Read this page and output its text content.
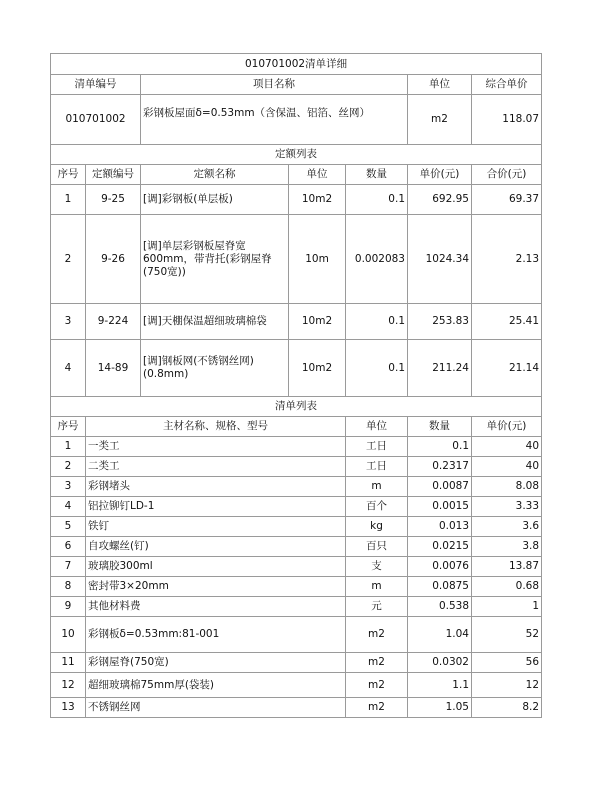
010701002清单详细							
清单编号		项目名称			单位	综合单价	
010701002		彩钢板屋面δ=0.53mm（含保温、铝箔、丝网）			m2	118.07	
定额列表							
序号	定额编号	定额名称	单位	数量	单价(元)	合价(元)	
1	9-25	[调]彩钢板(单层板)	10m2	0.1	692.95	69.37	
2	9-26	[调]单层彩钢板屋脊宽600mm，带背托(彩钢屋脊(750宽))	10m	0.002083	1024.34	2.13	
3	9-224	[调]天棚保温超细玻璃棉袋	10m2	0.1	253.83	25.41	
4	14-89	[调]钢板网(不锈钢丝网)(0.8mm)	10m2	0.1	211.24	21.14	
清单列表							
序号	主材名称、规格、型号			单位	数量	单价(元)	
1	一类工			工日	0.1	40	
2	二类工			工日	0.2317	40	
3	彩钢堵头			m	0.0087	8.08	
4	铝拉铆钉LD-1			百个	0.0015	3.33	
5	铁钉			kg	0.013	3.6	
6	自攻螺丝(钉)			百只	0.0215	3.8	
7	玻璃胶300ml			支	0.0076	13.87	
8	密封带3×20mm			m	0.0875	0.68	
9	其他材料费			元	0.538	1	
10	彩钢板δ=0.53mm:81-001			m2	1.04	52	
11	彩钢屋脊(750宽)			m2	0.0302	56	
12	超细玻璃棉75mm厚(袋装)			m2	1.1	12	
13	不锈钢丝网			m2	1.05	8.2	
